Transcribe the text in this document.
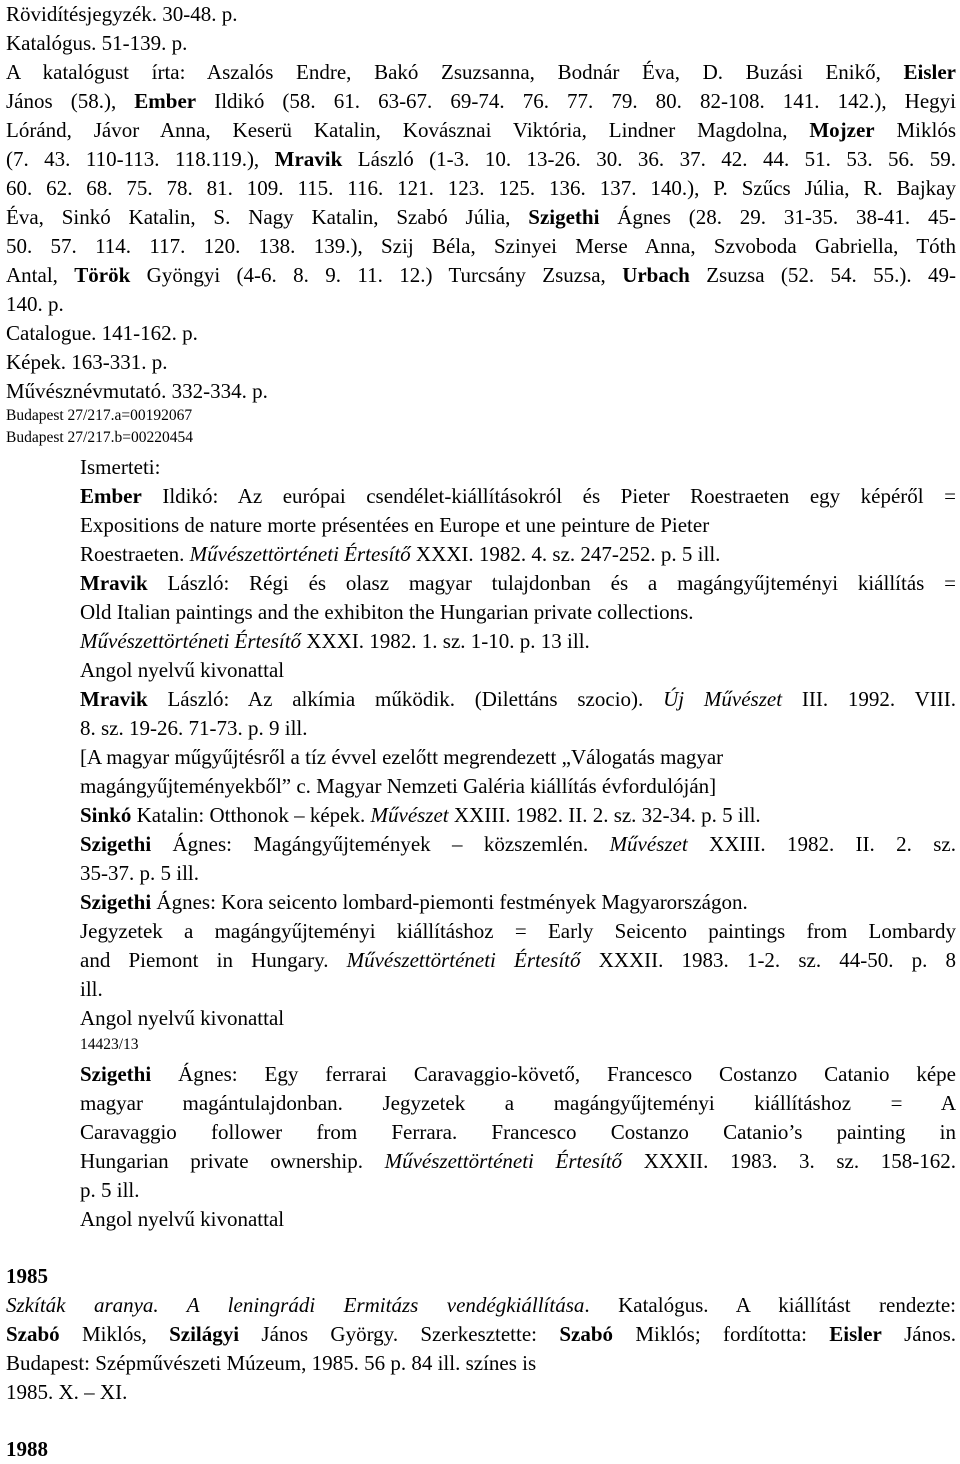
Rövidítésjegyzék. 30-48. p.
Katalógus. 51-139. p.
A katalógust írta: Aszalós Endre, Bakó Zsuzsanna, Bodnár Éva, D. Buzási Enikő, Eisler
János (58.), Ember Ildikó (58. 61. 63-67. 69-74. 76. 77. 79. 80. 82-108. 141. 142.), Hegyi
Lóránd, Jávor Anna, Keserü Katalin, Kovásznai Viktória, Lindner Magdolna, Mojzer Miklós
(7. 43. 110-113. 118.119.), Mravik László (1-3. 10. 13-26. 30. 36. 37. 42. 44. 51. 53. 56. 59.
60. 62. 68. 75. 78. 81. 109. 115. 116. 121. 123. 125. 136. 137. 140.), P. Szűcs Júlia, R. Bajkay
Éva, Sinkó Katalin, S. Nagy Katalin, Szabó Júlia, Szigethi Ágnes (28. 29. 31-35. 38-41. 45-
50. 57. 114. 117. 120. 138. 139.), Szij Béla, Szinyei Merse Anna, Szvoboda Gabriella, Tóth
Antal, Török Gyöngyi (4-6. 8. 9. 11. 12.) Turcsány Zsuzsa, Urbach Zsuzsa (52. 54. 55.). 49-
140. p.
Catalogue. 141-162. p.
Képek. 163-331. p.
Művésznévmutató. 332-334. p.
Budapest 27/217.a=00192067
Budapest 27/217.b=00220454
Ismerteti:
Ember Ildikó: Az európai csendélet-kiállításokról és Pieter Roestraeten egy képéről =
Expositions de nature morte présentées en Europe et une peinture de Pieter
Roestraeten. Művészettörténeti Értesítő XXXI. 1982. 4. sz. 247-252. p. 5 ill.
Mravik László: Régi és olasz magyar tulajdonban és a magángyűjteményi kiállítás =
Old Italian paintings and the exhibiton the Hungarian private collections.
Művészettörténeti Értesítő XXXI. 1982. 1. sz. 1-10. p. 13 ill.
Angol nyelvű kivonattal
Mravik László: Az alkímia működik. (Dilettáns szocio). Új Művészet III. 1992. VIII.
8. sz. 19-26. 71-73. p. 9 ill.
[A magyar műgyűjtésről a tíz évvel ezelőtt megrendezett „Válogatás magyar
magángyűjteményekből” c. Magyar Nemzeti Galéria kiállítás évfordulóján]
Sinkó Katalin: Otthonok – képek. Művészet XXIII. 1982. II. 2. sz. 32-34. p. 5 ill.
Szigethi Ágnes: Magángyűjtemények – közszemlén. Művészet XXIII. 1982. II. 2. sz.
35-37. p. 5 ill.
Szigethi Ágnes: Kora seicento lombard-piemonti festmények Magyarországon.
Jegyzetek a magángyűjteményi kiállításhoz = Early Seicento paintings from Lombardy
and Piemont in Hungary. Művészettörténeti Értesítő XXXII. 1983. 1-2. sz. 44-50. p. 8
ill.
Angol nyelvű kivonattal
14423/13
Szigethi Ágnes: Egy ferrarai Caravaggio-követő, Francesco Costanzo Catanio képe
magyar magántulajdonban. Jegyzetek a magángyűjteményi kiállításhoz = A
Caravaggio follower from Ferrara. Francesco Costanzo Catanio’s painting in
Hungarian private ownership. Művészettörténeti Értesítő XXXII. 1983. 3. sz. 158-162.
p. 5 ill.
Angol nyelvű kivonattal
1985
Szkíták aranya. A leningrádi Ermitázs vendégkiállítása. Katalógus. A kiállítást rendezte:
Szabó Miklós, Szilágyi János György. Szerkesztette: Szabó Miklós; fordította: Eisler János.
Budapest: Szépművészeti Múzeum, 1985. 56 p. 84 ill. színes is
1985. X. – XI.
1988
